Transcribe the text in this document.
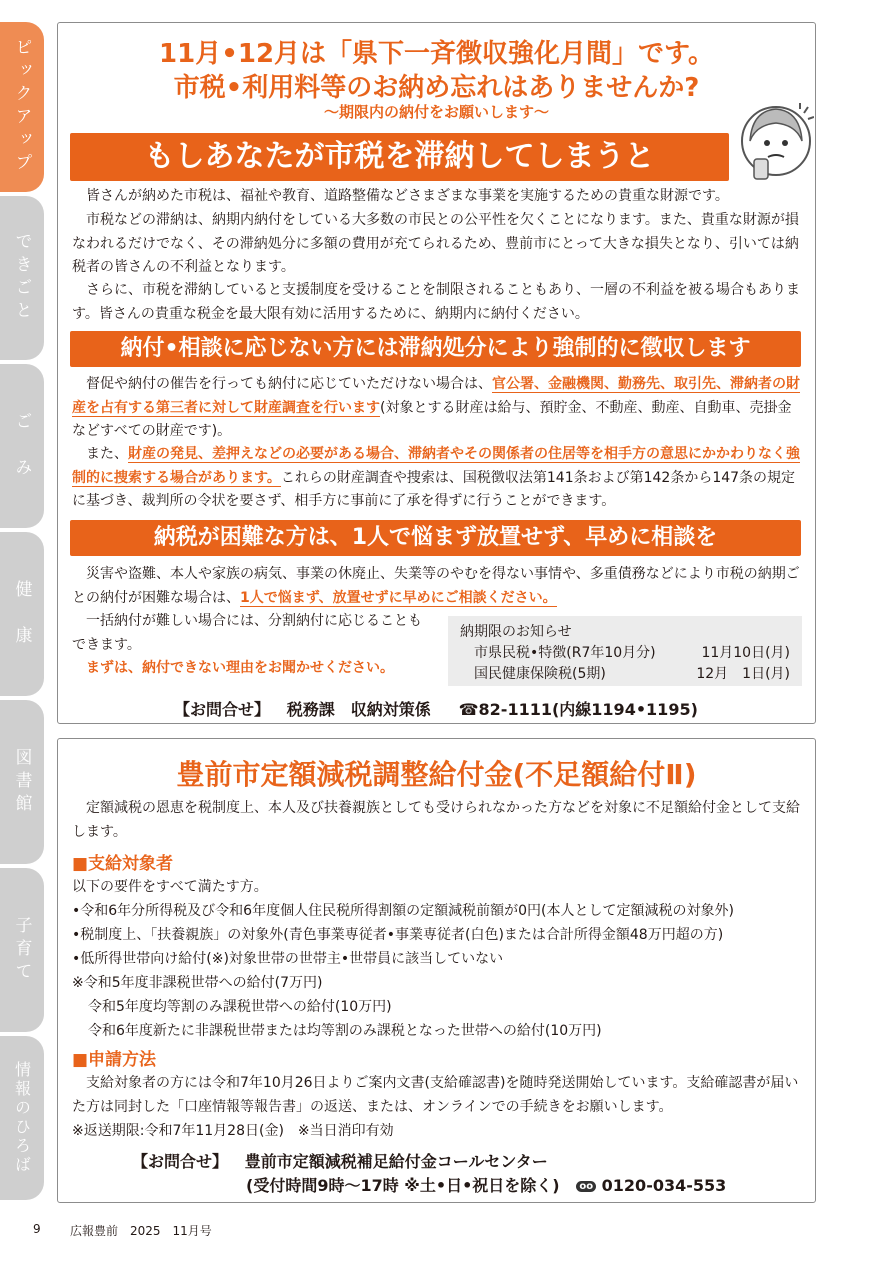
ピックアップ
できごと
ご　み
健　康
図書館
子育て
情報のひろば
11月•12月は「県下一斉徴収強化月間」です。
市税•利用料等のお納め忘れはありませんか?
〜期限内の納付をお願いします〜
もしあなたが市税を滞納してしまうと
皆さんが納めた市税は、福祉や教育、道路整備などさまざまな事業を実施するための貴重な財源です。
市税などの滞納は、納期内納付をしている大多数の市民との公平性を欠くことになります。また、貴重な財源が損なわれるだけでなく、その滞納処分に多額の費用が充てられるため、豊前市にとって大きな損失となり、引いては納税者の皆さんの不利益となります。
さらに、市税を滞納していると支援制度を受けることを制限されることもあり、一層の不利益を被る場合もあります。皆さんの貴重な税金を最大限有効に活用するために、納期内に納付ください。
納付•相談に応じない方には滞納処分により強制的に徴収します
督促や納付の催告を行っても納付に応じていただけない場合は、官公署、金融機関、勤務先、取引先、滞納者の財産を占有する第三者に対して財産調査を行います(対象とする財産は給与、預貯金、不動産、動産、自動車、売掛金などすべての財産です)。
また、財産の発見、差押えなどの必要がある場合、滞納者やその関係者の住居等を相手方の意思にかかわりなく強制的に捜索する場合があります。これらの財産調査や捜索は、国税徴収法第141条および第142条から147条の規定に基づき、裁判所の令状を要さず、相手方に事前に了承を得ずに行うことができます。
納税が困難な方は、1人で悩まず放置せず、早めに相談を
災害や盗難、本人や家族の病気、事業の休廃止、失業等のやむを得ない事情や、多重債務などにより市税の納期ごとの納付が困難な場合は、1人で悩まず、放置せずに早めにご相談ください。
一括納付が難しい場合には、分割納付に応じることもできます。
まずは、納付できない理由をお聞かせください。
納期限のお知らせ
市県民税•特徴(R7年10月分)	11月10日(月)
国民健康保険税(5期)	12月　1日(月)
【お問合せ】 税務課　収納対策係 ☎82-1111(内線1194•1195)
豊前市定額減税調整給付金(不足額給付Ⅱ)
定額減税の恩恵を税制度上、本人及び扶養親族としても受けられなかった方などを対象に不足額給付金として支給します。
■支給対象者
以下の要件をすべて満たす方。
•令和6年分所得税及び令和6年度個人住民税所得割額の定額減税前額が0円(本人として定額減税の対象外)
•税制度上、「扶養親族」の対象外(青色事業専従者•事業専従者(白色)または合計所得金額48万円超の方)
•低所得世帯向け給付(※)対象世帯の世帯主•世帯員に該当していない
※令和5年度非課税世帯への給付(7万円)
令和5年度均等割のみ課税世帯への給付(10万円)
令和6年度新たに非課税世帯または均等割のみ課税となった世帯への給付(10万円)
■申請方法
支給対象者の方には令和7年10月26日よりご案内文書(支給確認書)を随時発送開始しています。支給確認書が届いた方は同封した「口座情報等報告書」の返送、または、オンラインでの手続きをお願いします。
※返送期限:令和7年11月28日(金)　※当日消印有効
【お問合せ】 豊前市定額減税補足給付金コールセンター
(受付時間9時〜17時 ※土•日•祝日を除く) oo 0120-034-553
9 広報豊前　2025　11月号
